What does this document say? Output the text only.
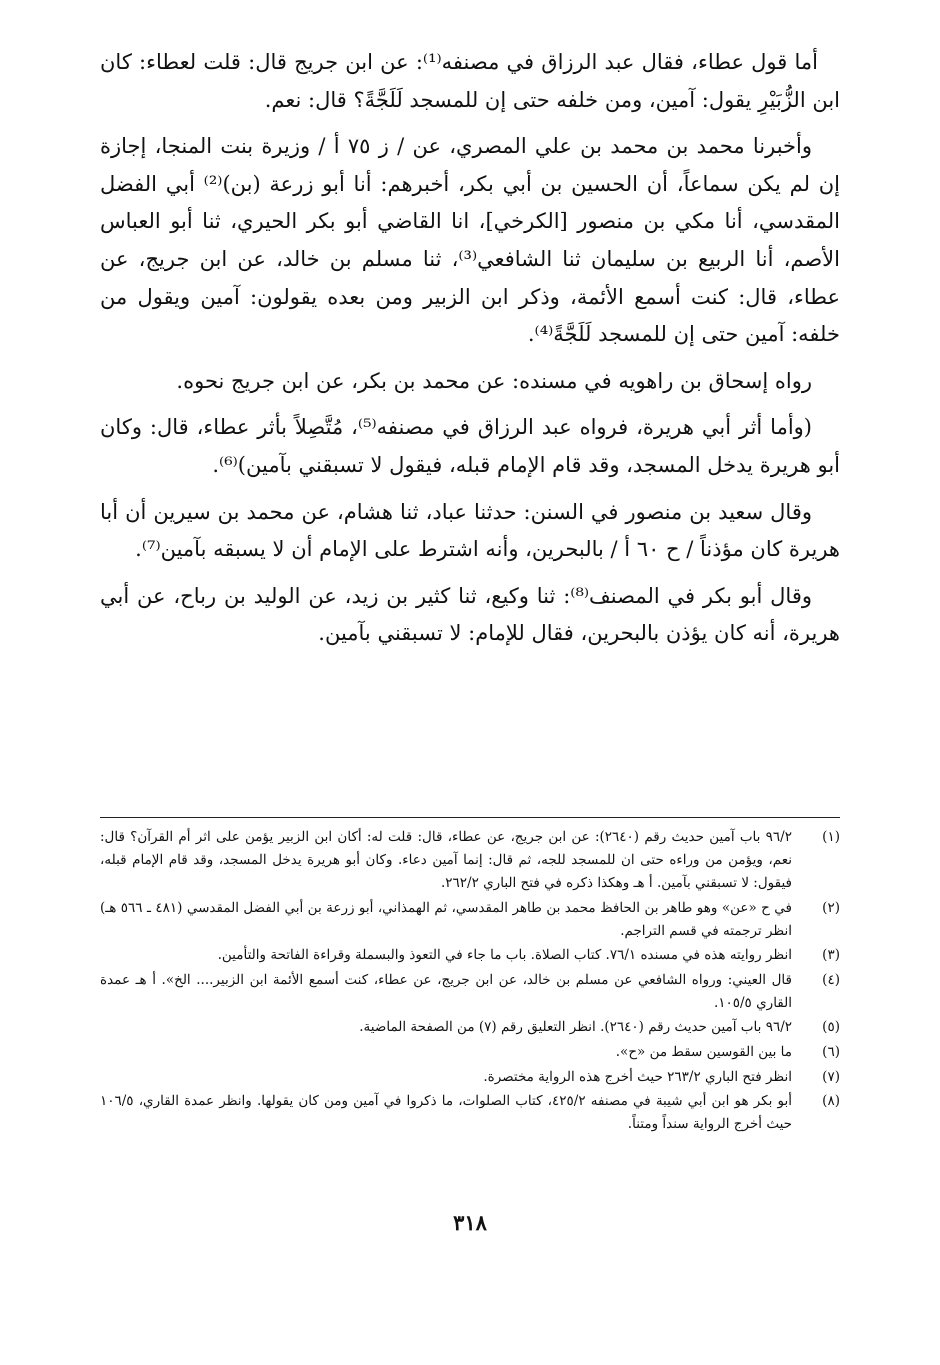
أما قول عطاء، فقال عبد الرزاق في مصنفه⁽¹⁾: عن ابن جريج قال: قلت لعطاء: كان ابن الزُّبَيْرِ يقول: آمين، ومن خلفه حتى إن للمسجد لَلَجَّةً؟ قال: نعم.

وأخبرنا محمد بن محمد بن علي المصري، عن / ز ٧٥ أ / وزيرة بنت المنجا، إجازة إن لم يكن سماعاً، أن الحسين بن أبي بكر، أخبرهم: أنا أبو زرعة (بن)⁽²⁾ أبي الفضل المقدسي، أنا مكي بن منصور [الكرخي]، انا القاضي أبو بكر الحيري، ثنا أبو العباس الأصم، أنا الربيع بن سليمان ثنا الشافعي⁽³⁾، ثنا مسلم بن خالد، عن ابن جريج، عن عطاء، قال: كنت أسمع الأئمة، وذكر ابن الزبير ومن بعده يقولون: آمين ويقول من خلفه: آمين حتى إن للمسجد لَلَجَّةً⁽⁴⁾.

رواه إسحاق بن راهويه في مسنده: عن محمد بن بكر، عن ابن جريج نحوه.

(وأما أثر أبي هريرة، فرواه عبد الرزاق في مصنفه⁽⁵⁾، مُتَّصِلاً بأثر عطاء، قال: وكان أبو هريرة يدخل المسجد، وقد قام الإمام قبله، فيقول لا تسبقني بآمين)⁽⁶⁾.

وقال سعيد بن منصور في السنن: حدثنا عباد، ثنا هشام، عن محمد بن سيرين أن أبا هريرة كان مؤذناً / ح ٦٠ أ / بالبحرين، وأنه اشترط على الإمام أن لا يسبقه بآمين⁽⁷⁾.

وقال أبو بكر في المصنف⁽⁸⁾: ثنا وكيع، ثنا كثير بن زيد، عن الوليد بن رباح، عن أبي هريرة، أنه كان يؤذن بالبحرين، فقال للإمام: لا تسبقني بآمين.

(١)
٩٦/٢ باب آمين حديث رقم (٢٦٤٠): عن ابن جريج، عن عطاء، قال: قلت له: أكان ابن الزبير يؤمن على اثر أم القرآن؟ قال: نعم، ويؤمن من وراءه حتى ان للمسجد للجه، ثم قال: إنما آمين دعاء. وكان أبو هريرة يدخل المسجد، وقد قام الإمام قبله، فيقول: لا تسبقني بآمين. أ هـ وهكذا ذكره في فتح الباري ٢٦٢/٢.
(٢)
في ح «عن» وهو طاهر بن الحافظ محمد بن طاهر المقدسي، ثم الهمذاني، أبو زرعة بن أبي الفضل المقدسي (٤٨١ ـ ٥٦٦ هـ) انظر ترجمته في قسم التراجم.
(٣)
انظر روايته هذه في مسنده ٧٦/١. كتاب الصلاة. باب ما جاء في التعوذ والبسملة وقراءة الفاتحة والتأمين.
(٤)
قال العيني: ورواه الشافعي عن مسلم بن خالد، عن ابن جريج، عن عطاء، كنت أسمع الأئمة ابن الزبير.... الخ». أ هـ عمدة القاري ١٠٥/٥.
(٥)
٩٦/٢ باب آمين حديث رقم (٢٦٤٠). انظر التعليق رقم (٧) من الصفحة الماضية.
(٦)
ما بين القوسين سقط من «ح».
(٧)
انظر فتح الباري ٢٦٣/٢ حيث أخرج هذه الرواية مختصرة.
(٨)
أبو بكر هو ابن أبي شيبة في مصنفه ٤٢٥/٢، كتاب الصلوات، ما ذكروا في آمين ومن كان يقولها. وانظر عمدة القاري، ١٠٦/٥ حيث أخرج الرواية سنداً ومتناً.
٣١٨
